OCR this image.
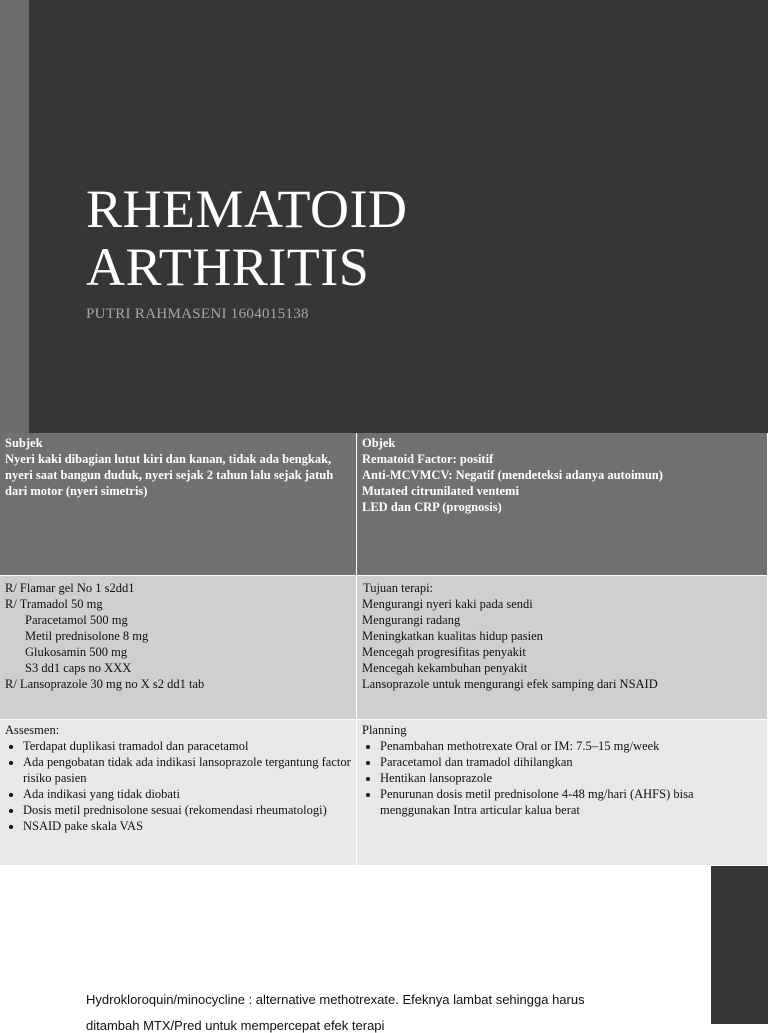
RHEMATOID
ARTHRITIS

PUTRI RAHMASENI 1604015138

Subjek

Nyeri kaki dibagian lutut kiri dan kanan, tidak ada bengkak, nyeri saat bangun duduk, nyeri sejak 2 tahun lalu sejak jatuh dari motor (nyeri simetris)

Objek

Rematoid Factor: positif

Anti-MCVMCV: Negatif (mendeteksi adanya autoimun)

Mutated citrunilated ventemi

LED dan CRP (prognosis)

R/ Flamar gel No 1 s2dd1

R/ Tramadol 50 mg

Paracetamol 500 mg

Metil prednisolone 8 mg

Glukosamin 500 mg

S3 dd1 caps no XXX

R/ Lansoprazole 30 mg no X s2 dd1 tab

Tujuan terapi:

Mengurangi nyeri kaki pada sendi

Mengurangi radang

Meningkatkan kualitas hidup pasien

Mencegah progresifitas penyakit

Mencegah kekambuhan penyakit

Lansoprazole untuk mengurangi efek samping dari NSAID

Assesmen:

• Terdapat duplikasi tramadol dan paracetamol
• Ada pengobatan tidak ada indikasi lansoprazole tergantung factor risiko pasien
• Ada indikasi yang tidak diobati
• Dosis metil prednisolone sesuai (rekomendasi rheumatologi)
• NSAID pake skala VAS

Planning

• Penambahan methotrexate Oral or IM: 7.5–15 mg/week
• Paracetamol dan tramadol dihilangkan
• Hentikan lansoprazole
• Penurunan dosis metil prednisolone 4-48 mg/hari (AHFS) bisa menggunakan Intra articular kalua berat

Hydrokloroquin/minocycline : alternative methotrexate. Efeknya lambat sehingga harus

ditambah MTX/Pred untuk mempercepat efek terapi
